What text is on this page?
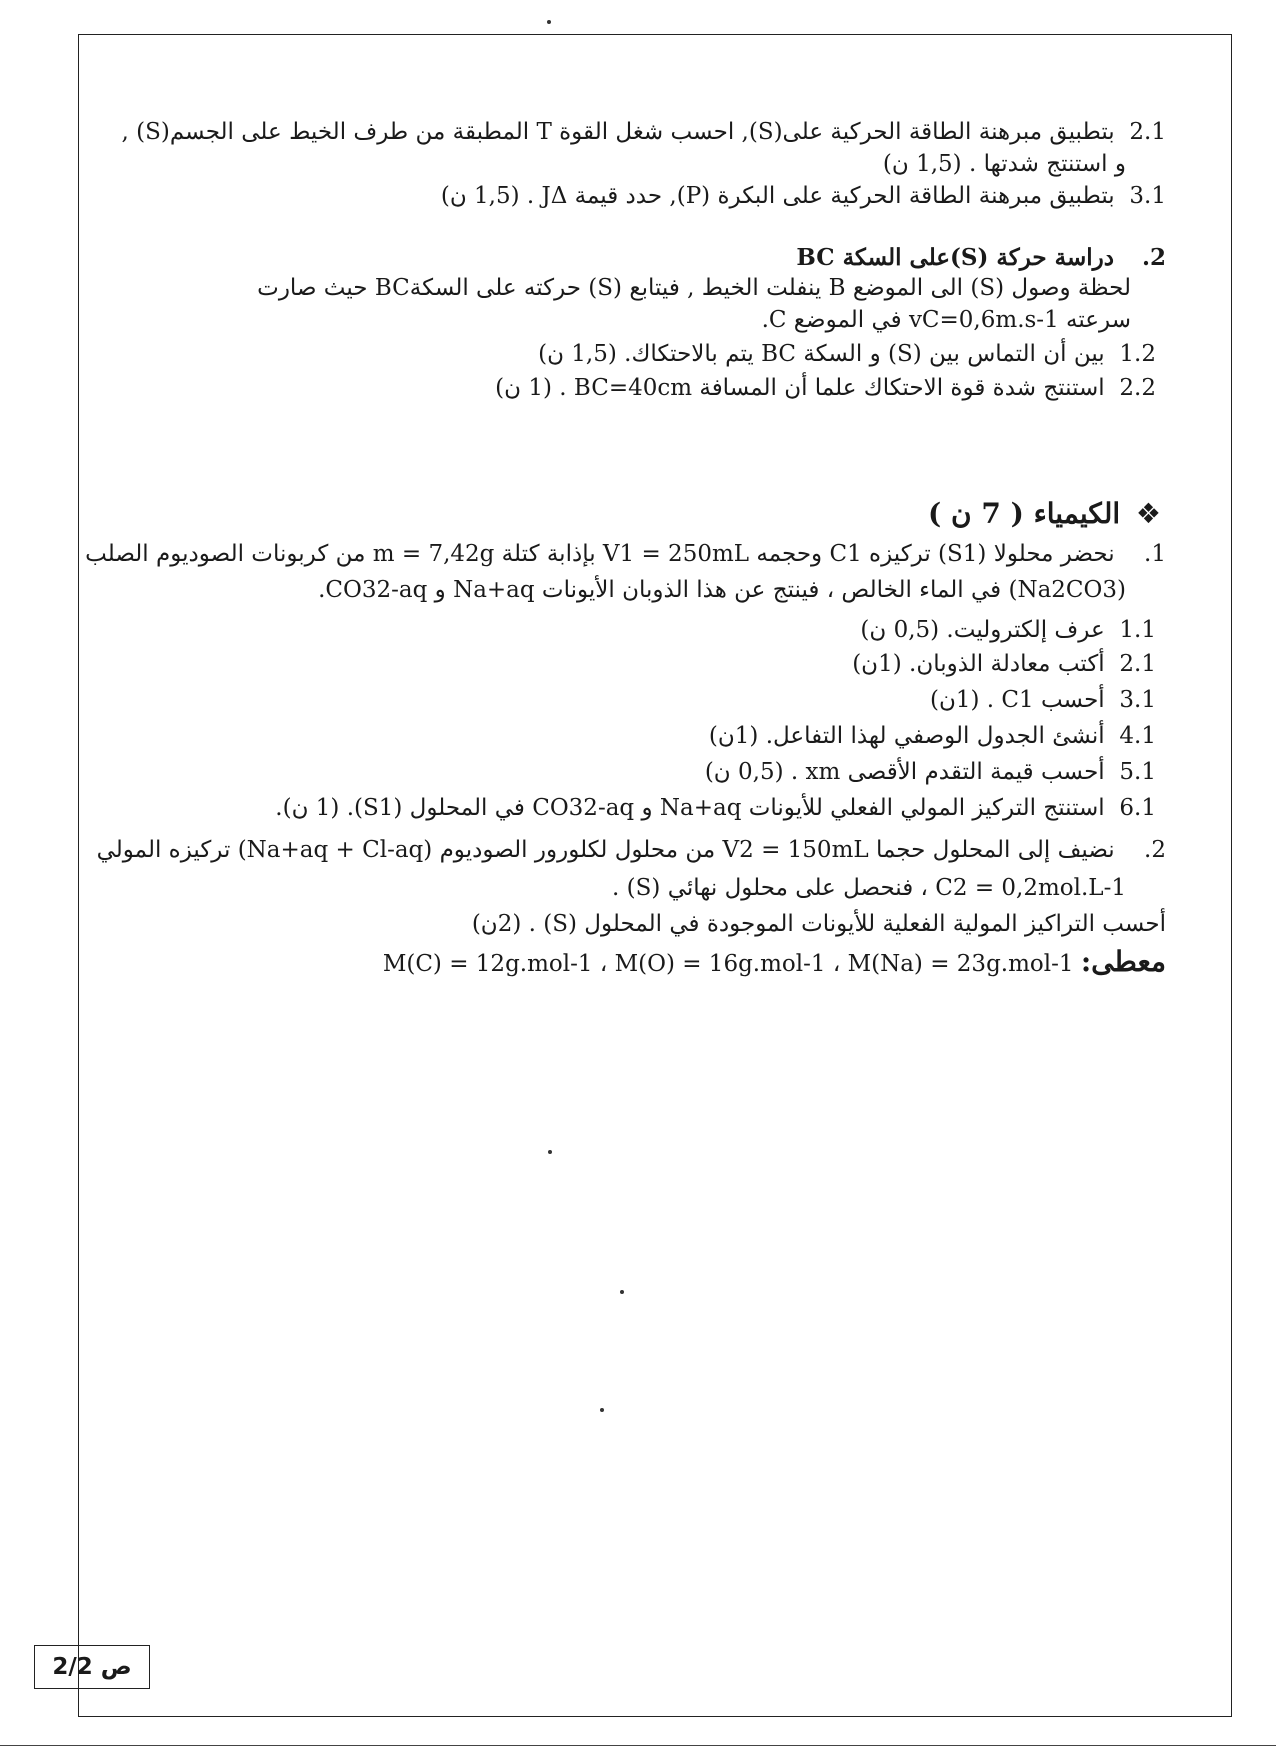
2.1 بتطبيق مبرهنة الطاقة الحركية على(S), احسب شغل القوة T المطبقة من طرف الخيط على الجسم(S) ,
و استنتج شدتها . (1,5 ن)
3.1 بتطبيق مبرهنة الطاقة الحركية على البكرة (P), حدد قيمة JΔ . (1,5 ن)
2. دراسة حركة (S)على السكة BC
لحظة وصول (S) الى الموضع B ينفلت الخيط , فيتابع (S) حركته على السكةBC حيث صارت
سرعته vC=0,6m.s-1 في الموضع C.
1.2 بين أن التماس بين (S) و السكة BC يتم بالاحتكاك. (1,5 ن)
2.2 استنتج شدة قوة الاحتكاك علما أن المسافة BC=40cm . (1 ن)
❖ الكيمياء ( 7 ن )
1. نحضر محلولا (S1) تركيزه C1 وحجمه V1 = 250mL بإذابة كتلة m = 7,42g من كربونات الصوديوم الصلب
(Na2CO3) في الماء الخالص ، فينتج عن هذا الذوبان الأيونات Na+aq و CO32-aq.
1.1 عرف إلكتروليت. (0,5 ن)
2.1 أكتب معادلة الذوبان. (1ن)
3.1 أحسب C1 . (1ن)
4.1 أنشئ الجدول الوصفي لهذا التفاعل. (1ن)
5.1 أحسب قيمة التقدم الأقصى xm . (0,5 ن)
6.1 استنتج التركيز المولي الفعلي للأيونات Na+aq و CO32-aq في المحلول (S1). (1 ن).
2. نضيف إلى المحلول حجما V2 = 150mL من محلول لكلورور الصوديوم (Na+aq + Cl-aq) تركيزه المولي
C2 = 0,2mol.L-1 ، فنحصل على محلول نهائي (S) .
أحسب التراكيز المولية الفعلية للأيونات الموجودة في المحلول (S) . (2ن)
معطى: M(C) = 12g.mol-1 ، M(O) = 16g.mol-1 ، M(Na) = 23g.mol-1
ص 2/2
